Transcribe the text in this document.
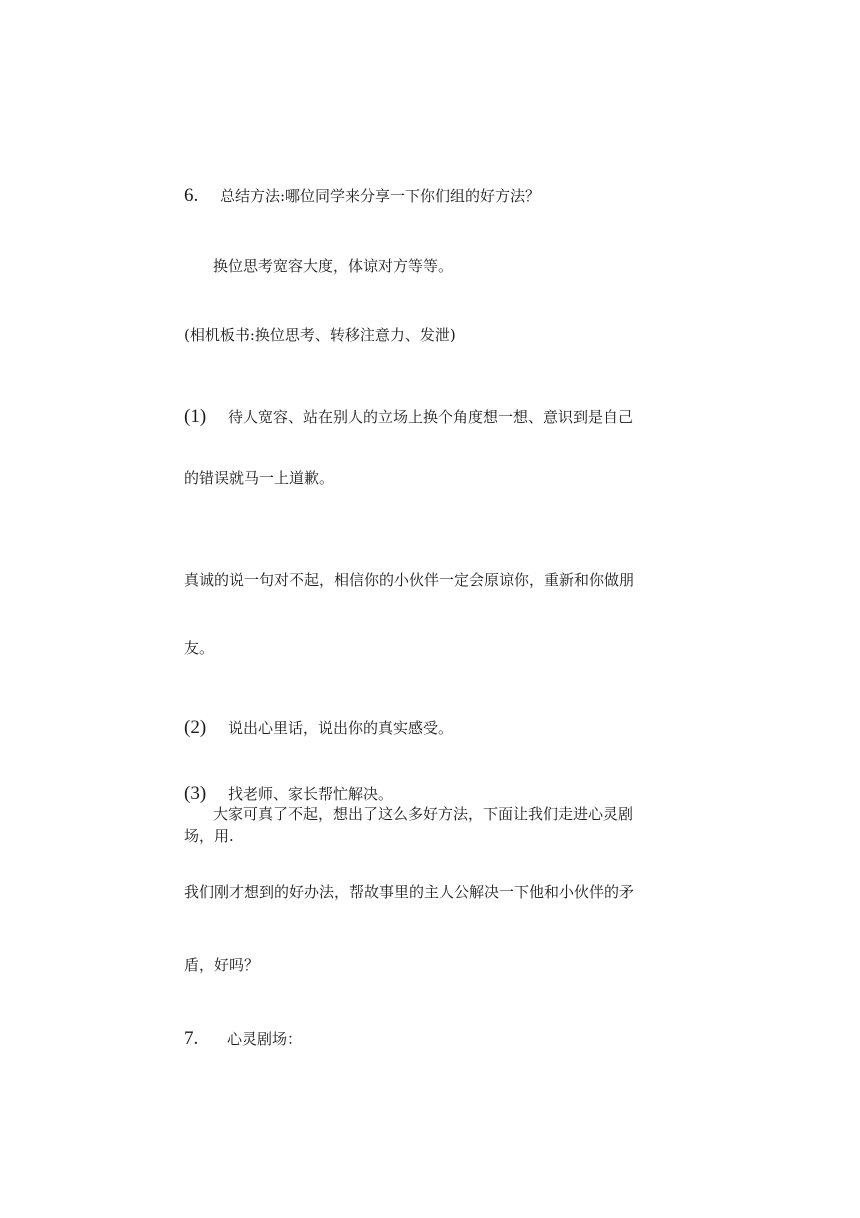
6. 总结方法:哪位同学来分享一下你们组的好方法？
换位思考宽容大度，体谅对方等等。
(相机板书:换位思考、转移注意力、发泄)
(1) 待人宽容、站在别人的立场上换个角度想一想、意识到是自己
的错误就马一上道歉。
真诚的说一句对不起，相信你的小伙伴一定会原谅你，重新和你做朋
友。
(2) 说出心里话，说出你的真实感受。
(3) 找老师、家长帮忙解决。
大家可真了不起，想出了这么多好方法，下面让我们走进心灵剧
场，用.
我们刚才想到的好办法，帮故事里的主人公解决一下他和小伙伴的矛
盾，好吗？
7. 心灵剧场：
